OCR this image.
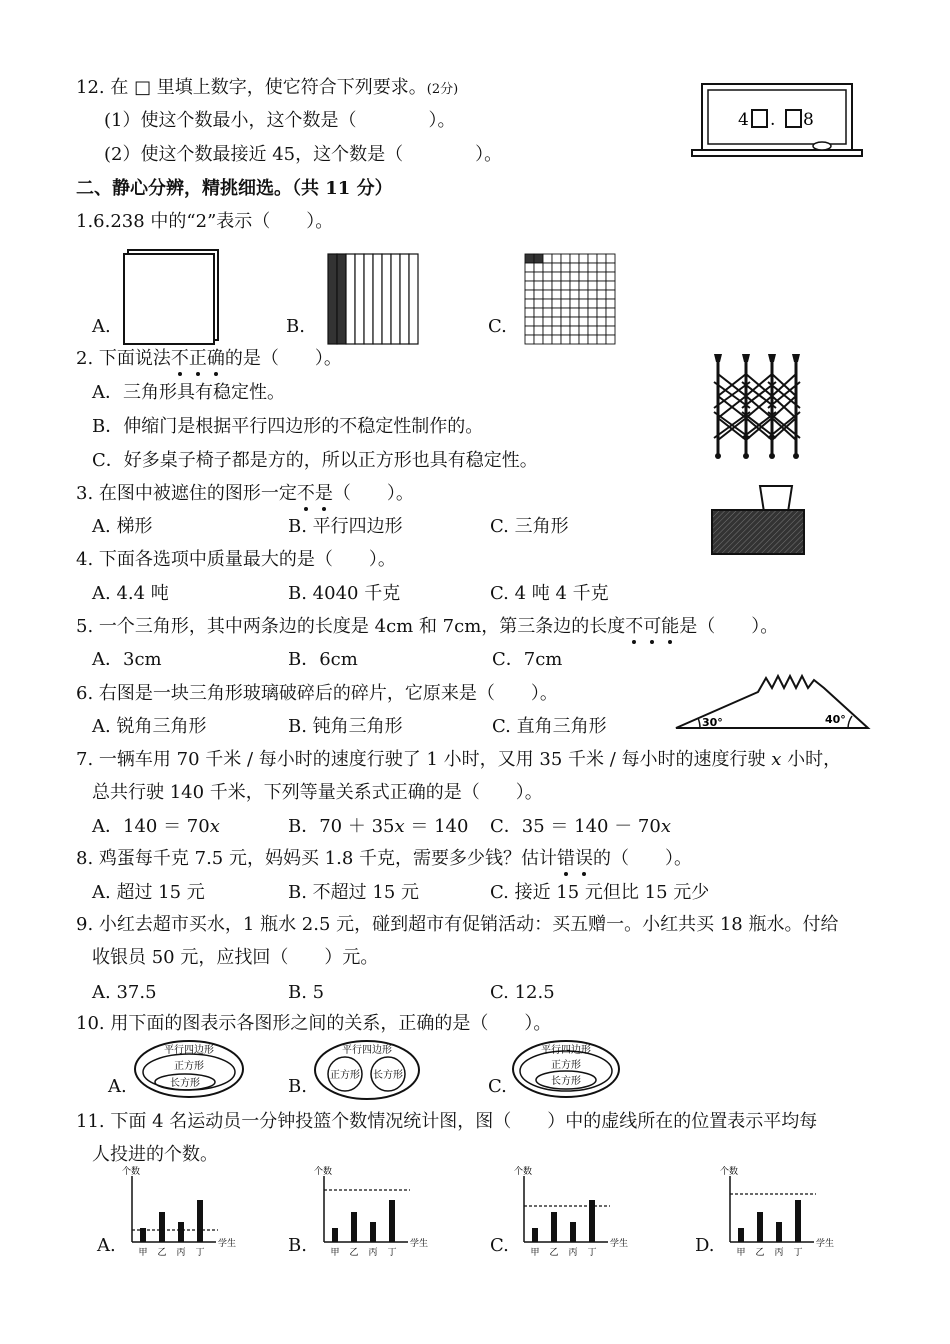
12. 在 □ 里填上数字，使它符合下列要求。(2分)
(1）使这个数最小，这个数是（　　　　）。
(2）使这个数最接近 45，这个数是（　　　　）。
4 . 8
二、静心分辨，精挑细选。（共 11 分）
1.6.238 中的“2”表示（　　）。
A.	B.	C.
2. 下面说法不正确的是（　　）。
A．三角形具有稳定性。
B．伸缩门是根据平行四边形的不稳定性制作的。
C．好多桌子椅子都是方的，所以正方形也具有稳定性。
3. 在图中被遮住的图形一定不是（　　）。
A. 梯形	B. 平行四边形	C. 三角形
4. 下面各选项中质量最大的是（　　）。
A. 4.4 吨	B. 4040 千克	C. 4 吨 4 千克
5. 一个三角形，其中两条边的长度是 4cm 和 7cm，第三条边的长度不可能是（　　）。
A．3cm	B．6cm	C．7cm
6. 右图是一块三角形玻璃破碎后的碎片，它原来是（　　）。
A. 锐角三角形	B. 钝角三角形	C. 直角三角形	30°	40°
7. 一辆车用 70 千米 / 每小时的速度行驶了 1 小时，又用 35 千米 / 每小时的速度行驶 x 小时，
总共行驶 140 千米，下列等量关系式正确的是（　　）。
A．140 ＝ 70x	B．70 ＋ 35x ＝ 140 C．35 ＝ 140 － 70x
8. 鸡蛋每千克 7.5 元，妈妈买 1.8 千克，需要多少钱？估计错误的（　　）。
A. 超过 15 元	B. 不超过 15 元	C. 接近 15 元但比 15 元少
9. 小红去超市买水，1 瓶水 2.5 元，碰到超市有促销活动：买五赠一。小红共买 18 瓶水。付给
收银员 50 元，应找回（　　）元。
A. 37.5	B. 5	C. 12.5
10. 用下面的图表示各图形之间的关系，正确的是（　　）。
A.	B.	C.
平行四边形
正方形
长方形
平行四边形
正方形 长方形
平行四边形
正方形
长方形
11. 下面 4 名运动员一分钟投篮个数情况统计图，图（　　）中的虚线所在的位置表示平均每
人投进的个数。
A.	B.	C.	D.
个数
学生
甲 乙 丙 丁
个数
学生
甲 乙 丙 丁
个数
学生
甲 乙 丙 丁
个数
学生
甲 乙 丙 丁
